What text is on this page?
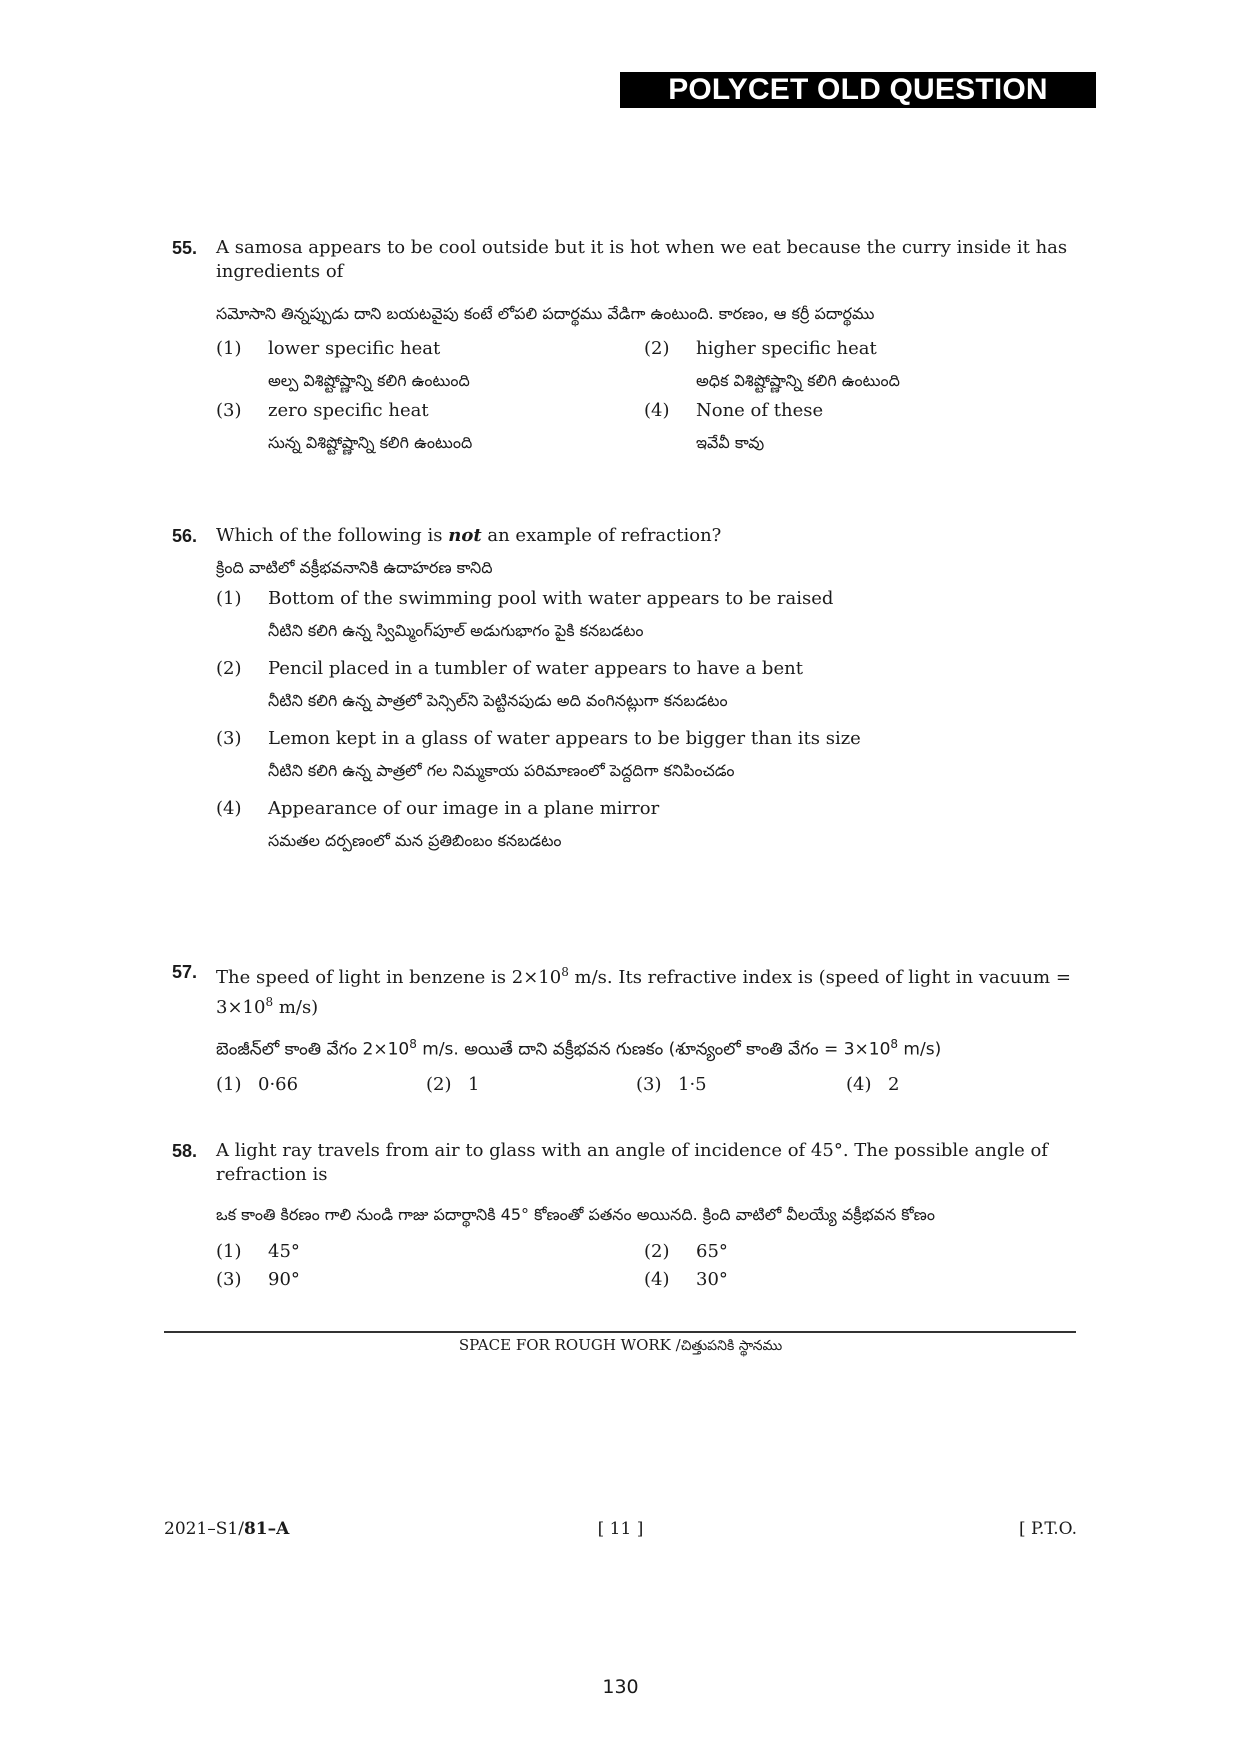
POLYCET OLD QUESTION PAPER
55.	A samosa appears to be cool outside but it is hot when we eat because the curry inside it has ingredients of
సమోసాని తిన్నప్పుడు దాని బయటవైపు కంటే లోపలి పదార్థము వేడిగా ఉంటుంది. కారణం, ఆ కర్రీ పదార్థము
(1)	lower specific heat
అల్ప విశిష్టోష్ణాన్ని కలిగి ఉంటుంది
(2)	higher specific heat
అధిక విశిష్టోష్ణాన్ని కలిగి ఉంటుంది
(3)	zero specific heat
సున్న విశిష్టోష్ణాన్ని కలిగి ఉంటుంది
(4)	None of these
ఇవేవీ కావు
56.	Which of the following is not an example of refraction?
క్రింది వాటిలో వక్రీభవనానికి ఉదాహరణ కానిది
(1)	Bottom of the swimming pool with water appears to be raised
నీటిని కలిగి ఉన్న స్విమ్మింగ్‌పూల్ అడుగుభాగం పైకి కనబడటం
(2)	Pencil placed in a tumbler of water appears to have a bent
నీటిని కలిగి ఉన్న పాత్రలో పెన్సిల్‌ని పెట్టినపుడు అది వంగినట్లుగా కనబడటం
(3)	Lemon kept in a glass of water appears to be bigger than its size
నీటిని కలిగి ఉన్న పాత్రలో గల నిమ్మకాయ పరిమాణంలో పెద్దదిగా కనిపించడం
(4)	Appearance of our image in a plane mirror
సమతల దర్పణంలో మన ప్రతిబింబం కనబడటం
57.	The speed of light in benzene is $2\times 10^8$ m/s. Its refractive index is (speed of light in vacuum = $3\times 10^8$ m/s)
బెంజీన్‌లో కాంతి వేగం $2\times 10^8$ m/s. అయితే దాని వక్రీభవన గుణకం (శూన్యంలో కాంతి వేగం = $3\times 10^8$ m/s)
(1) 0·66	(2) 1	(3) 1·5	(4) 2
58.	A light ray travels from air to glass with an angle of incidence of 45°. The possible angle of refraction is
ఒక కాంతి కిరణం గాలి నుండి గాజు పదార్థానికి 45° కోణంతో పతనం అయినది. క్రింది వాటిలో వీలయ్యే వక్రీభవన కోణం
(1)	45°	(2)	65°
(3)	90°	(4)	30°
SPACE FOR ROUGH WORK /చిత్తుపనికి స్థానము
2021–S1/81–A	[ 11 ]	[ P.T.O.
130
